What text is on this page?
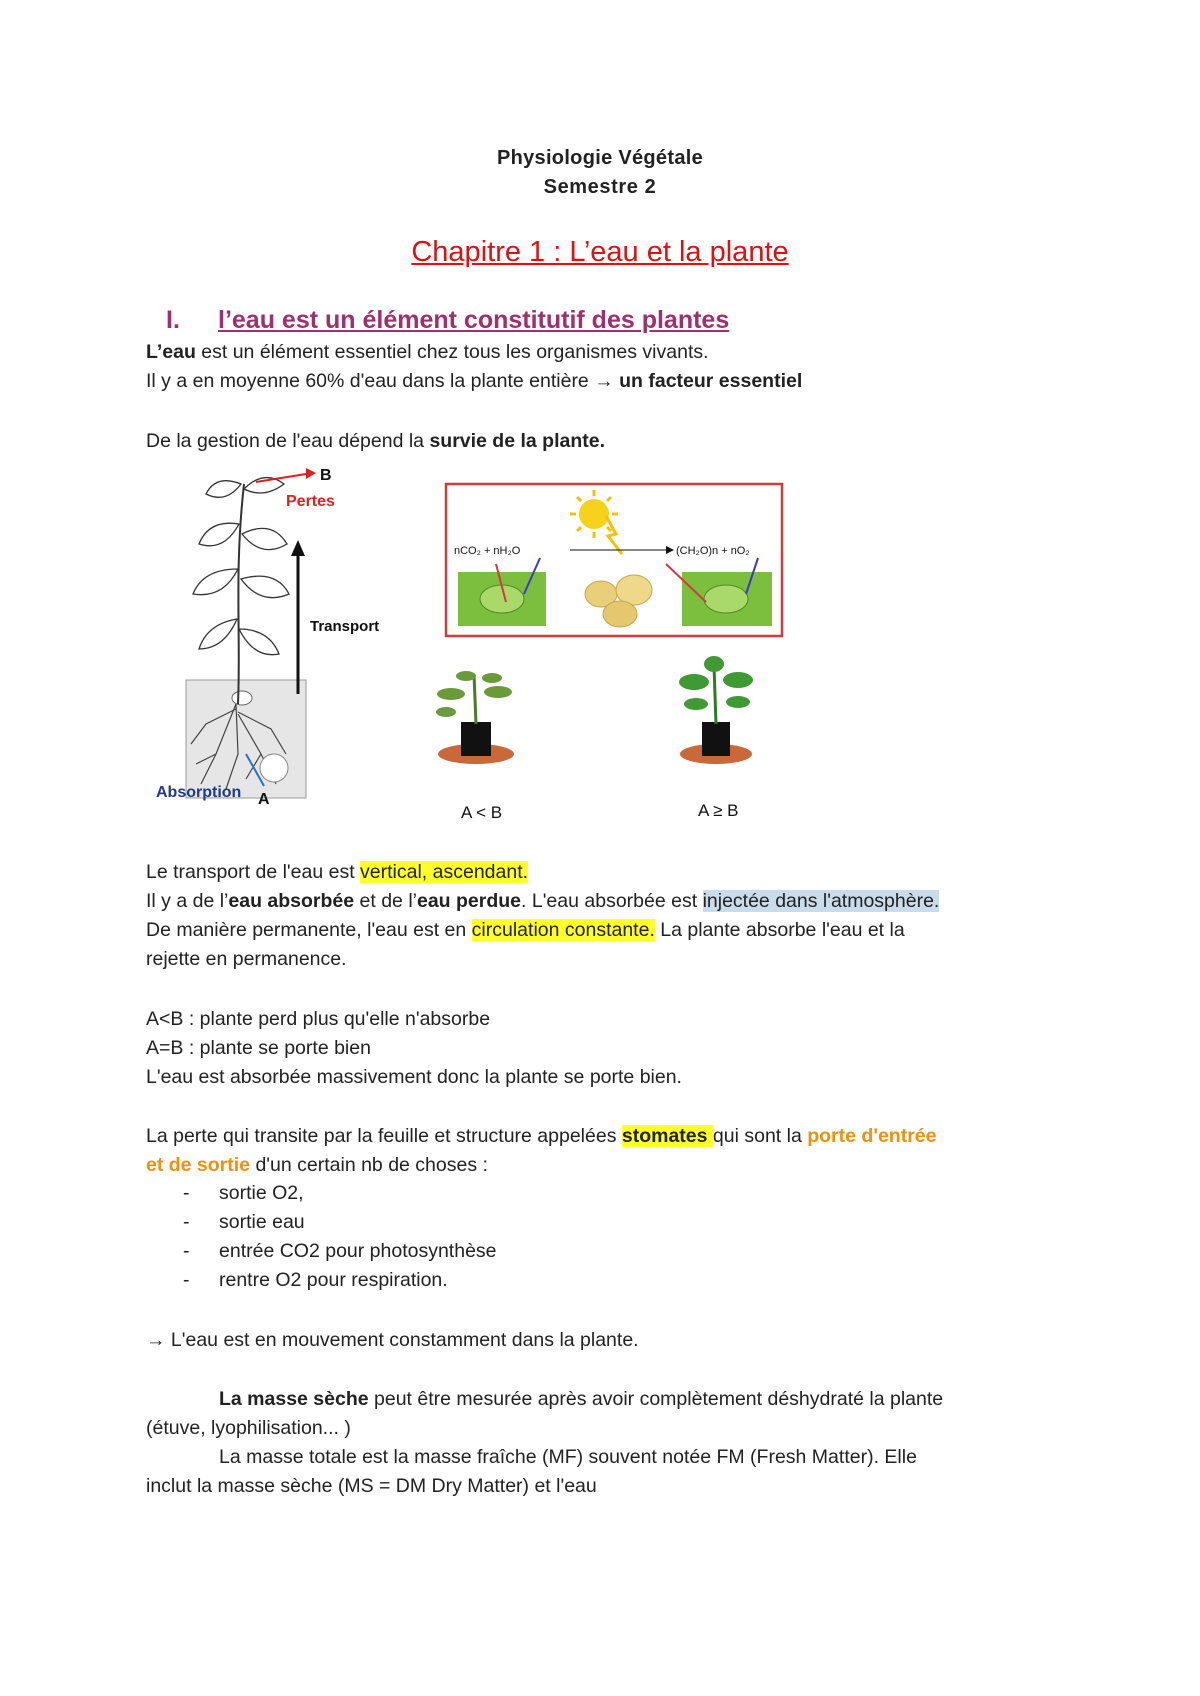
Physiologie Végétale
Semestre 2
Chapitre 1 : L’eau et la plante
I. l’eau est un élément constitutif des plantes
L’eau est un élément essentiel chez tous les organismes vivants.
Il y a en moyenne 60% d'eau dans la plante entière → un facteur essentiel
De la gestion de l'eau dépend la survie de la plante.
B
Pertes
Transport
Absorption A
nCO₂ + nH₂O	(CH₂O)n + nO₂
A < B	A ≥ B
Le transport de l'eau est vertical, ascendant.
Il y a de l’eau absorbée et de l’eau perdue. L'eau absorbée est injectée dans l'atmosphère.
De manière permanente, l'eau est en circulation constante. La plante absorbe l'eau et la
rejette en permanence.
A<B : plante perd plus qu'elle n'absorbe
A=B : plante se porte bien
L'eau est absorbée massivement donc la plante se porte bien.
La perte qui transite par la feuille et structure appelées stomates qui sont la porte d'entrée
et de sortie d'un certain nb de choses :
- sortie O2,
- sortie eau
- entrée CO2 pour photosynthèse
- rentre O2 pour respiration.
→ L'eau est en mouvement constamment dans la plante.
La masse sèche peut être mesurée après avoir complètement déshydraté la plante
(étuve, lyophilisation... )
La masse totale est la masse fraîche (MF) souvent notée FM (Fresh Matter). Elle
inclut la masse sèche (MS = DM Dry Matter) et l'eau
